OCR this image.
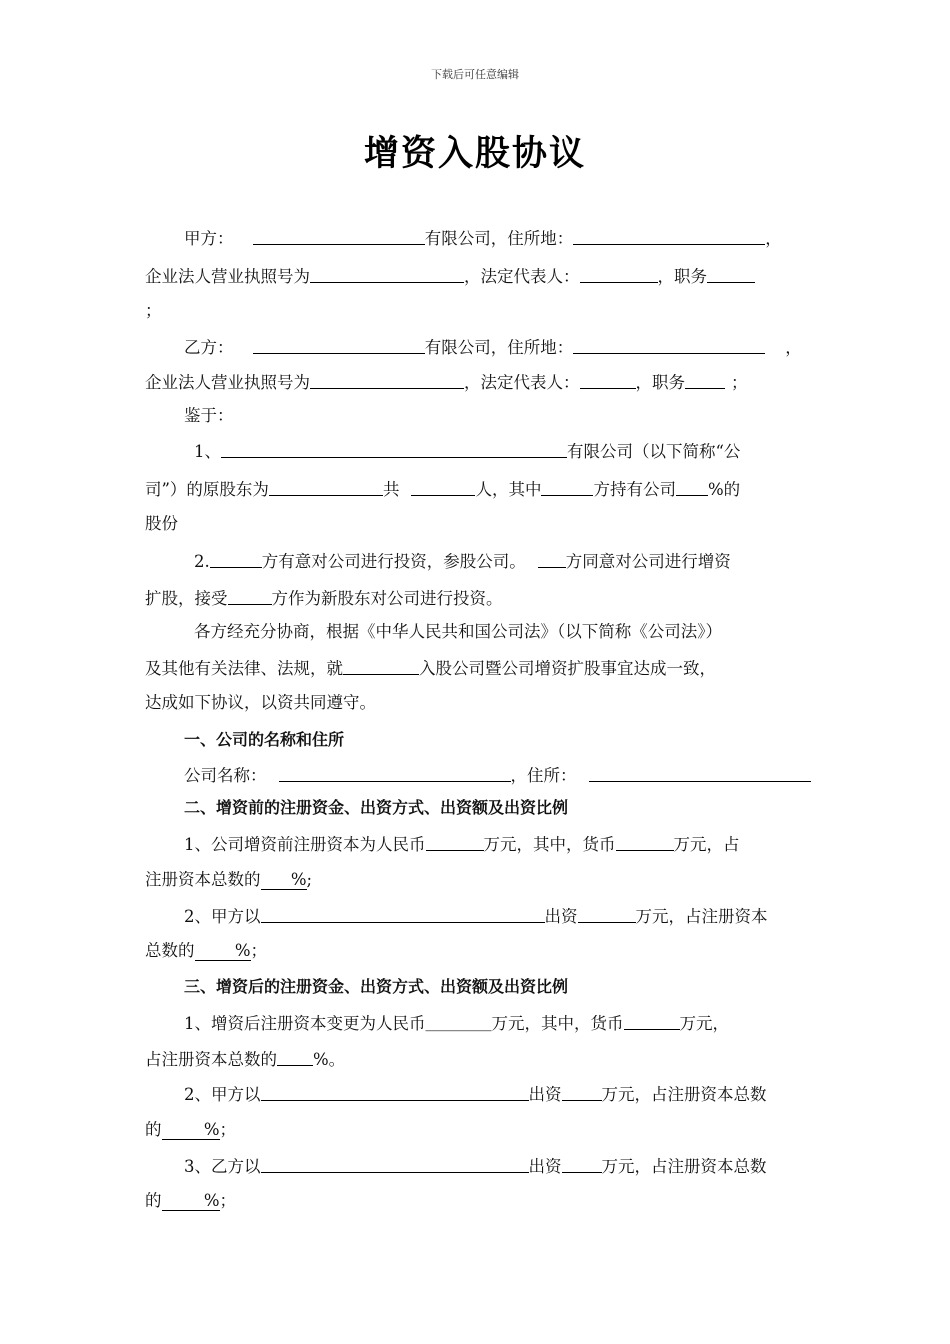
下载后可任意编辑
增资入股协议
甲方：	有限公司，住所地：	，
企业法人营业执照号为	，法定代表人：	，职务
；
乙方：	有限公司，住所地：	，
企业法人营业执照号为	，法定代表人：	，职务	；
鉴于：
1、	有限公司（以下简称“公
司”）的原股东为	共	人，其中	方持有公司 %的
股份
2.	方有意对公司进行投资，参股公司。 方同意对公司进行增资
扩股，接受	方作为新股东对公司进行投资。
各方经充分协商，根据《中华人民共和国公司法》（以下简称《公司法》）
及其他有关法律、法规，就	入股公司暨公司增资扩股事宜达成一致，
达成如下协议，以资共同遵守。
一、公司的名称和住所
公司名称：	，住所：
二、增资前的注册资金、出资方式、出资额及出资比例
1、公司增资前注册资本为人民币	万元，其中，货币	万元，占
注册资本总数的 %;
2、甲方以	出资	万元，占注册资本
总数的 %；
三、增资后的注册资金、出资方式、出资额及出资比例
1、增资后注册资本变更为人民币＿＿＿＿万元，其中，货币	万元，
占注册资本总数的 %。
2、甲方以	出资 万元，占注册资本总数
的	%；
3、乙方以	出资 万元，占注册资本总数
的	%；
